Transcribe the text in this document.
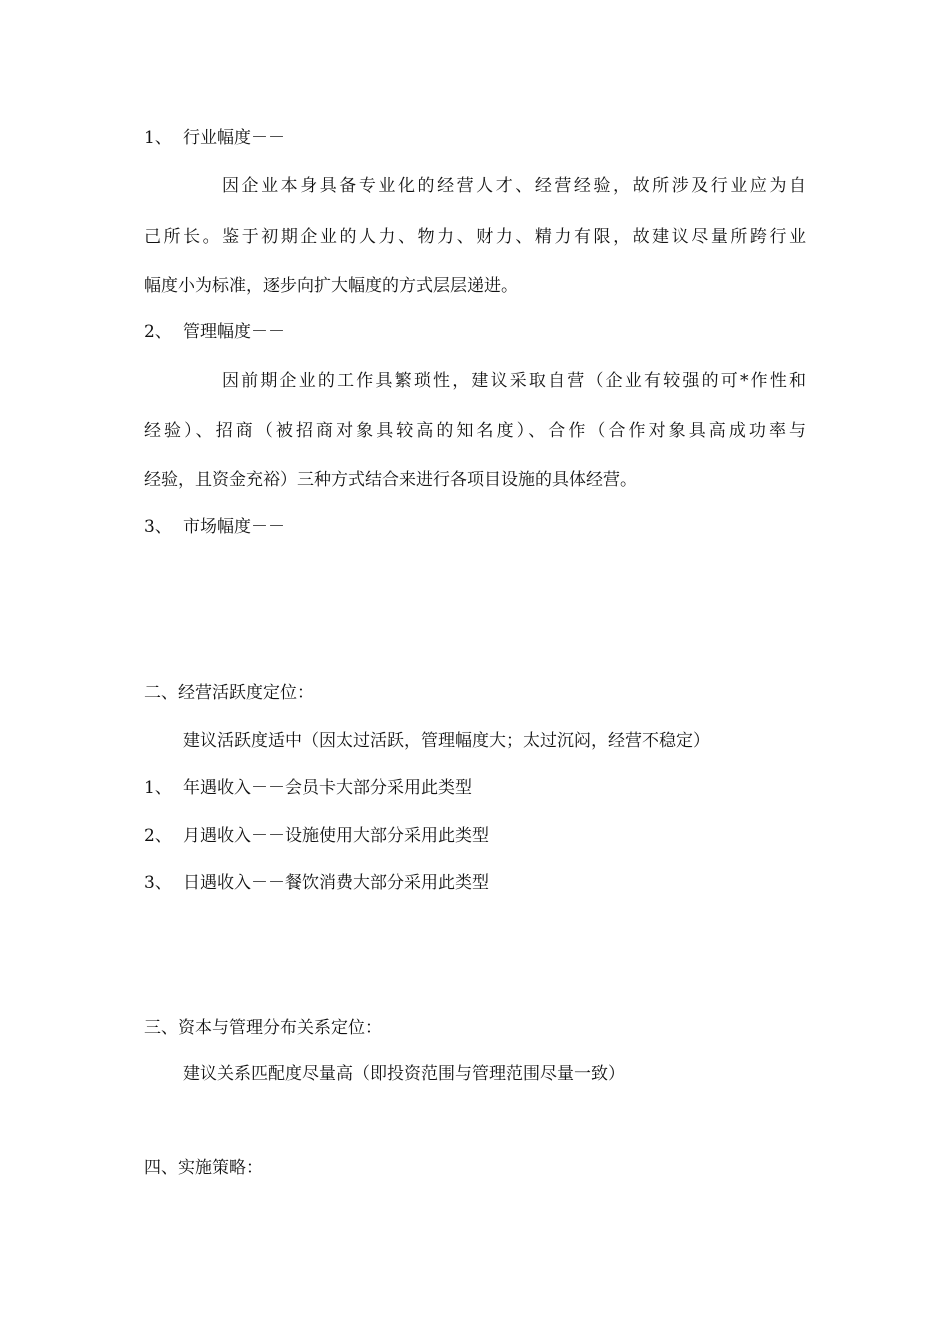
1、 行业幅度－－
因企业本身具备专业化的经营人才、经营经验，故所涉及行业应为自
己所长。鉴于初期企业的人力、物力、财力、精力有限，故建议尽量所跨行业
幅度小为标准，逐步向扩大幅度的方式层层递进。
2、 管理幅度－－
因前期企业的工作具繁琐性，建议采取自营（企业有较强的可*作性和
经验）、招商（被招商对象具较高的知名度）、合作（合作对象具高成功率与
经验，且资金充裕）三种方式结合来进行各项目设施的具体经营。
3、 市场幅度－－
二、经营活跃度定位：
建议活跃度适中（因太过活跃，管理幅度大；太过沉闷，经营不稳定）
1、 年遇收入－－会员卡大部分采用此类型
2、 月遇收入－－设施使用大部分采用此类型
3、 日遇收入－－餐饮消费大部分采用此类型
三、资本与管理分布关系定位：
建议关系匹配度尽量高（即投资范围与管理范围尽量一致）
四、实施策略：
